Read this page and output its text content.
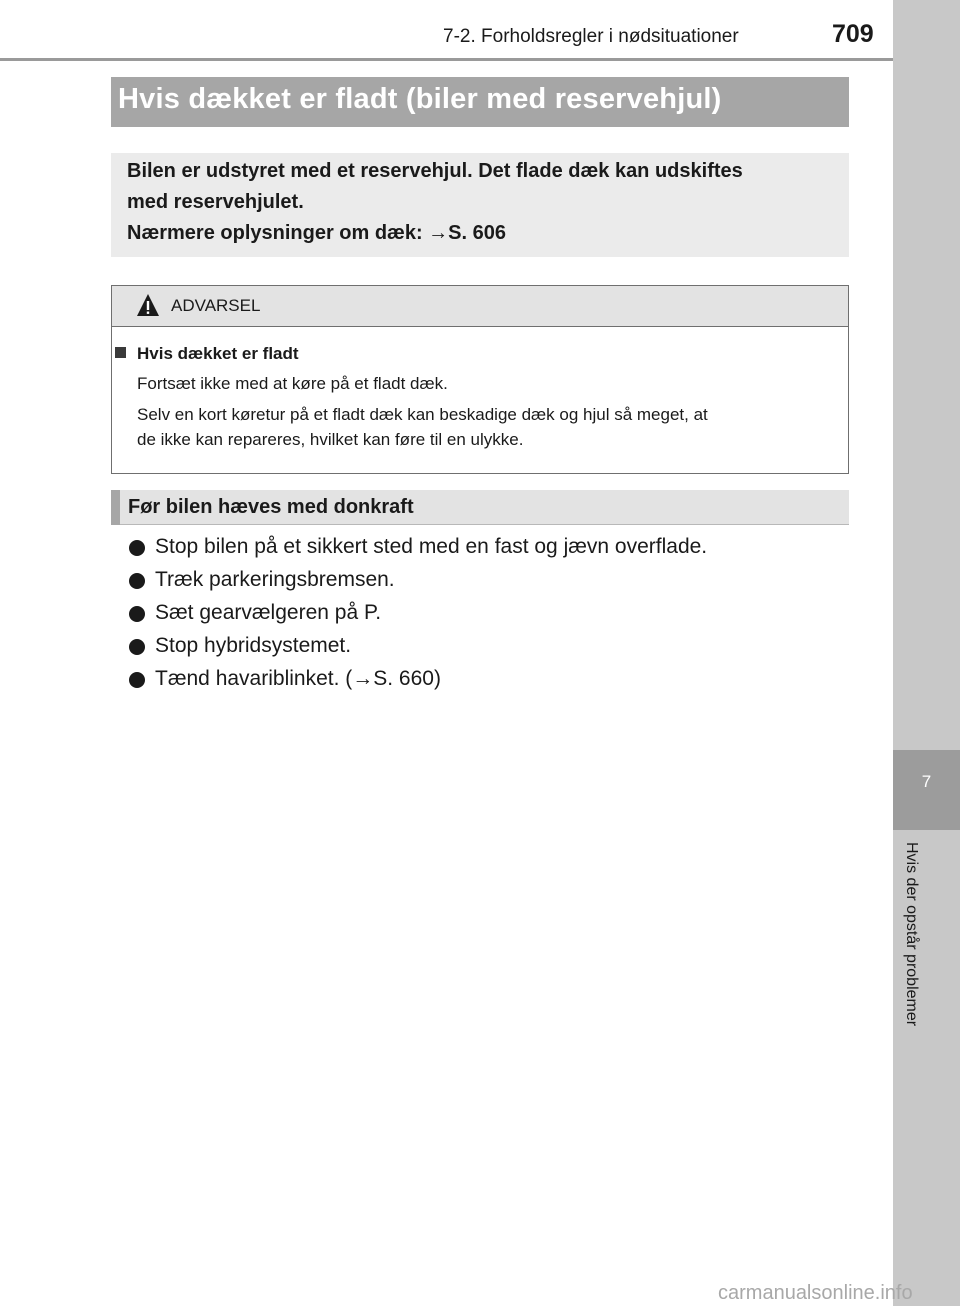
7-2. Forholdsregler i nødsituationer	709
7
Hvis der opstår problemer
Hvis dækket er fladt (biler med reservehjul)
Bilen er udstyret med et reservehjul. Det flade dæk kan udskiftes
med reservehjulet.
Nærmere oplysninger om dæk: →S. 606
ADVARSEL
Hvis dækket er fladt
Fortsæt ikke med at køre på et fladt dæk.
Selv en kort køretur på et fladt dæk kan beskadige dæk og hjul så meget, at
de ikke kan repareres, hvilket kan føre til en ulykke.
Før bilen hæves med donkraft
Stop bilen på et sikkert sted med en fast og jævn overflade.
Træk parkeringsbremsen.
Sæt gearvælgeren på P.
Stop hybridsystemet.
Tænd havariblinket. (→S. 660)
carmanualsonline.info
